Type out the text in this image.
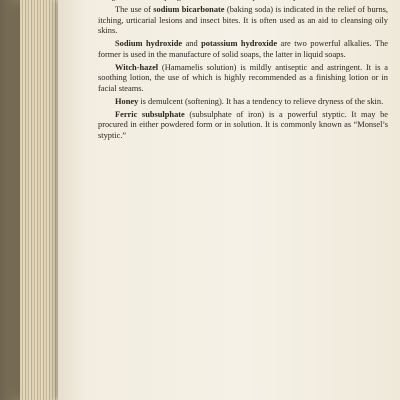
The use of sodium bicarbonate (baking soda) is indicated in the relief of burns, itching, urticarial lesions and insect bites. It is often used as an aid to cleansing oily skins.

Sodium hydroxide and potassium hydroxide are two powerful alkalies. The former is used in the manufacture of solid soaps, the latter in liquid soaps.

Witch-hazel (Hamamelis solution) is mildly antiseptic and astringent. It is a soothing lotion, the use of which is highly recommended as a finishing lotion or in facial steams.

Honey is demulcent (softening). It has a tendency to relieve dryness of the skin.

Ferric subsulphate (subsulphate of iron) is a powerful styptic. It may be procured in either powdered form or in solution. It is commonly known as “Monsel’s styptic.”
